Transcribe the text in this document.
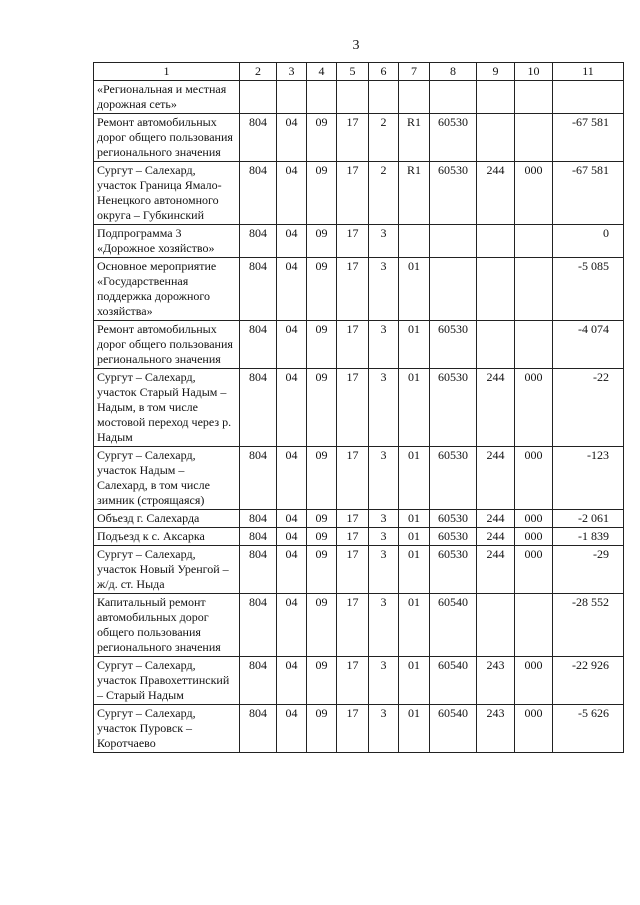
3
1	2	3	4	5	6	7	8	9	10	11
«Региональная и местная дорожная сеть»										
Ремонт автомобильных дорог общего пользования регионального значения	804	04	09	17	2	R1	60530			-67 581
Сургут – Салехард, участок Граница Ямало-Ненецкого автономного округа – Губкинский	804	04	09	17	2	R1	60530	244	000	-67 581
Подпрограмма 3 «Дорожное хозяйство»	804	04	09	17	3					0
Основное мероприятие «Государственная поддержка дорожного хозяйства»	804	04	09	17	3	01				-5 085
Ремонт автомобильных дорог общего пользования регионального значения	804	04	09	17	3	01	60530			-4 074
Сургут – Салехард, участок Старый Надым – Надым, в том числе мостовой переход через р. Надым	804	04	09	17	3	01	60530	244	000	-22
Сургут – Салехард, участок Надым – Салехард, в том числе зимник (строящаяся)	804	04	09	17	3	01	60530	244	000	-123
Объезд г. Салехарда	804	04	09	17	3	01	60530	244	000	-2 061
Подъезд к с. Аксарка	804	04	09	17	3	01	60530	244	000	-1 839
Сургут – Салехард, участок Новый Уренгой – ж/д. ст. Ныда	804	04	09	17	3	01	60530	244	000	-29
Капитальный ремонт автомобильных дорог общего пользования регионального значения	804	04	09	17	3	01	60540			-28 552
Сургут – Салехард, участок Правохеттинский – Старый Надым	804	04	09	17	3	01	60540	243	000	-22 926
Сургут – Салехард, участок Пуровск – Коротчаево	804	04	09	17	3	01	60540	243	000	-5 626
